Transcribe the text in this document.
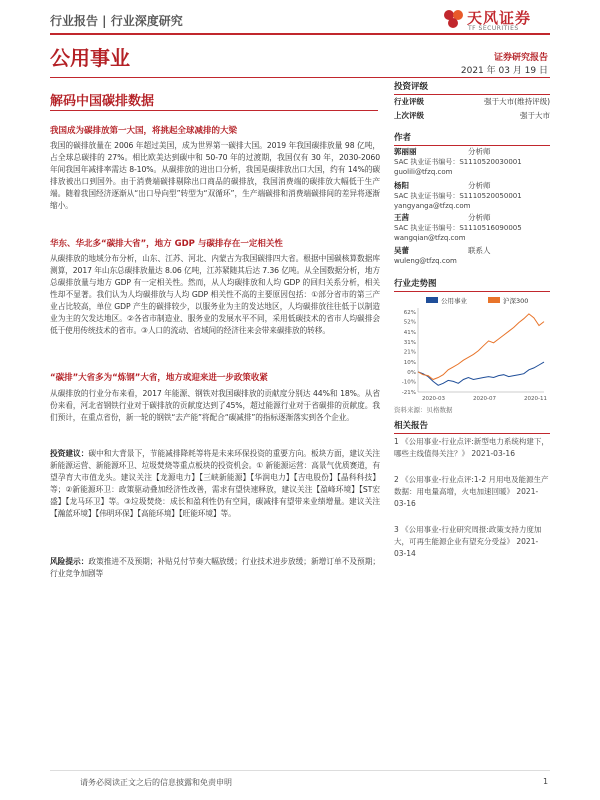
行业报告 | 行业深度研究	天风证券
TF SECURITIES
公用事业	证券研究报告
2021 年 03 月 19 日
解码中国碳排数据
我国成为碳排放第一大国，将挑起全球减排的大梁
我国的碳排放量在 2006 年超过美国，成为世界第一碳排大国。2019 年我国碳排放量 98 亿吨，占全球总碳排的 27%。相比欧美达到碳中和 50-70 年的过渡期，我国仅有 30 年，2030-2060 年间我国年减排率需达 8-10%。从碳排放的进出口分析，我国是碳排放出口大国，约有 14%的碳排放被出口到国外。由于消费端碳排剔除出口商品的碳排放，我国消费端的碳排放大幅低于生产端。随着我国经济逐渐从“出口导向型”转型为“双循环”，生产端碳排和消费端碳排间的差异将逐渐缩小。
华东、华北多“碳排大省”，地方 GDP 与碳排存在一定相关性
从碳排放的地域分布分析，山东、江苏、河北、内蒙古为我国碳排四大省。根据中国碳核算数据库测算，2017 年山东总碳排放量达 8.06 亿吨，江苏紧随其后达 7.36 亿吨。从全国数据分析，地方总碳排放量与地方 GDP 有一定相关性。然而，从人均碳排放和人均 GDP 的回归关系分析，相关性却不显著。我们认为人均碳排放与人均 GDP 相关性不高的主要原因包括：①部分省市的第三产业占比较高，单位 GDP 产生的碳排较少，以服务业为主的发达地区，人均碳排放往往低于以制造业为主的欠发达地区。②各省市制造业、服务业的发展水平不同，采用低碳技术的省市人均碳排会低于使用传统技术的省市。③人口的流动、省域间的经济往来会带来碳排放的转移。
“碳排”大省多为“炼钢”大省，地方或迎来进一步政策收紧
从碳排放的行业分布来看，2017 年能源、钢铁对我国碳排放的贡献度分别达 44%和 18%。从省份来看，河北省钢铁行业对于碳排放的贡献度达到了45%，超过能源行业对于省碳排的贡献度。我们预计，在重点省份，新一轮的钢铁“去产能”将配合“碳减排”的指标逐渐落实到各个企业。
投资建议：碳中和大背景下，节能减排降耗等将是未来环保投资的重要方向。板块方面，建议关注新能源运营、新能源环卫、垃圾焚烧等重点板块的投资机会。① 新能源运营：高景气优质赛道，有望孕育大市值龙头。建议关注【龙源电力】【三峡新能源】【华润电力】【吉电股份】【晶科科技】等；②新能源环卫：政策驱动叠加经济性改善，需求有望快速释放，建议关注【盈峰环境】【ST宏盛】【龙马环卫】等。③垃圾焚烧：成长和盈利性仍有空间，碳减排有望带来业绩增量。建议关注【瀚蓝环境】【伟明环保】【高能环境】【旺能环境】等。
风险提示：政策推进不及预期；补贴兑付节奏大幅放缓；行业技术进步放缓；新增订单不及预期；行业竞争加剧等
投资评级
行业评级	强于大市(维持评级)
上次评级	强于大市
作者
郭丽丽	分析师
SAC 执业证书编号：S1110520030001
guolili@tfzq.com
杨阳	分析师
SAC 执业证书编号：S1110520050001
yangyanga@tfzq.com
王茜	分析师
SAC 执业证书编号：S1110516090005
wangqian@tfzq.com
吴蕾	联系人
wuleng@tfzq.com
行业走势图
公用事业	沪深300
62%
52%
41%
31%
21%
10%
0%
-10%
-21%
2020-03	2020-07	2020-11
资料来源：贝格数据
相关报告
1 《公用事业-行业点评:新型电力系统构建下，哪些主线值得关注？》 2021-03-16
2 《公用事业-行业点评:1-2 月用电及能源生产数据：用电量高增，火电加速回暖》 2021-03-16
3 《公用事业-行业研究周报:政策支持力度加大，可再生能源企业有望充分受益》 2021-03-14
请务必阅读正文之后的信息披露和免责申明	1
